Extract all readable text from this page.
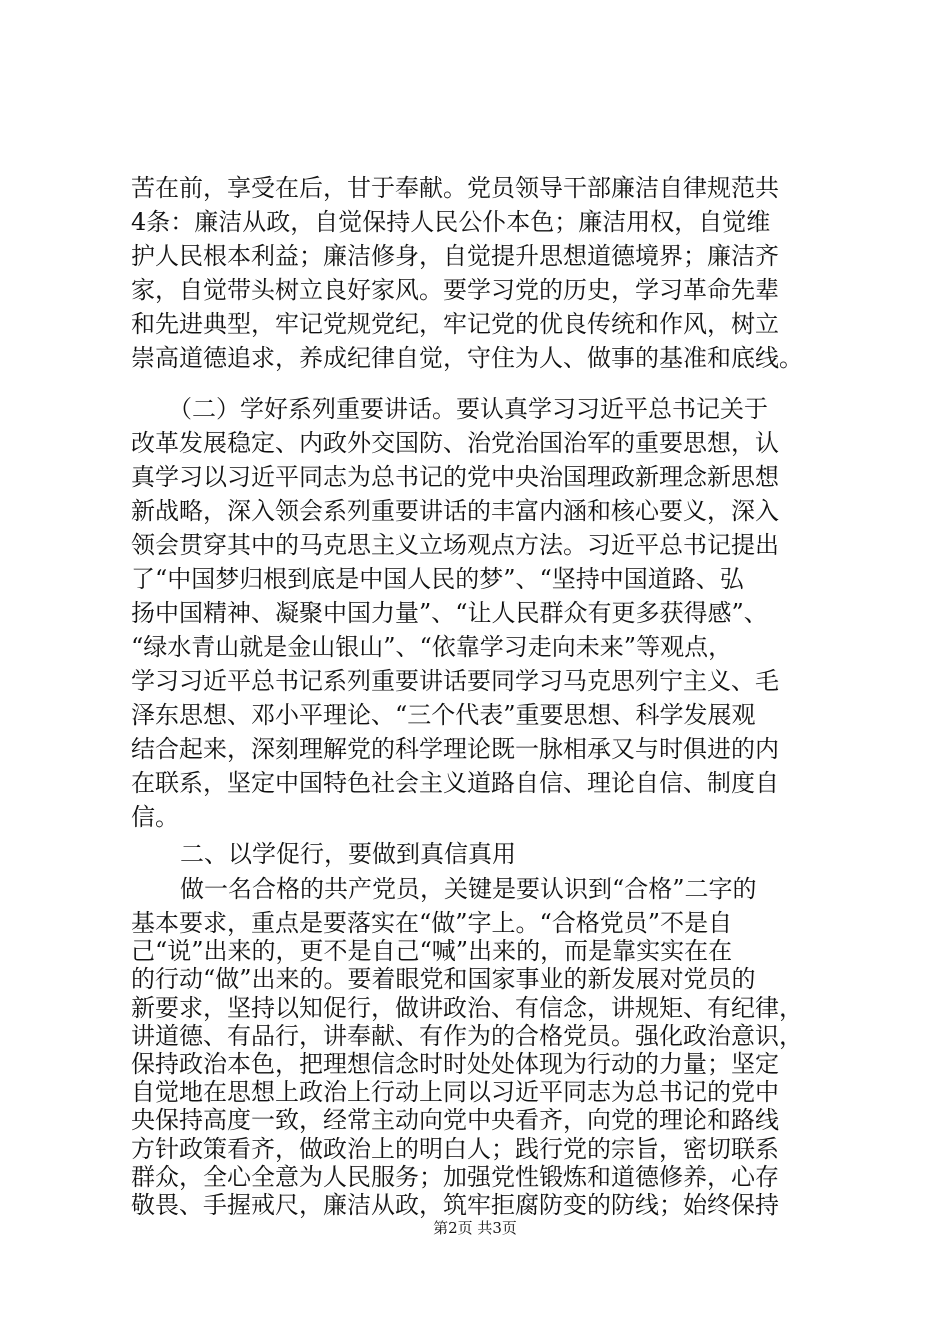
苦在前，享受在后，甘于奉献。党员领导干部廉洁自律规范共
4条：廉洁从政，自觉保持人民公仆本色；廉洁用权，自觉维
护人民根本利益；廉洁修身，自觉提升思想道德境界；廉洁齐
家，自觉带头树立良好家风。要学习党的历史，学习革命先辈
和先进典型，牢记党规党纪，牢记党的优良传统和作风，树立
崇高道德追求，养成纪律自觉，守住为人、做事的基准和底线。
（二）学好系列重要讲话。要认真学习习近平总书记关于
改革发展稳定、内政外交国防、治党治国治军的重要思想，认
真学习以习近平同志为总书记的党中央治国理政新理念新思想
新战略，深入领会系列重要讲话的丰富内涵和核心要义，深入
领会贯穿其中的马克思主义立场观点方法。习近平总书记提出
了“中国梦归根到底是中国人民的梦”、“坚持中国道路、弘
扬中国精神、凝聚中国力量”、“让人民群众有更多获得感”、
“绿水青山就是金山银山”、“依靠学习走向未来”等观点，
学习习近平总书记系列重要讲话要同学习马克思列宁主义、毛
泽东思想、邓小平理论、“三个代表”重要思想、科学发展观
结合起来，深刻理解党的科学理论既一脉相承又与时俱进的内
在联系，坚定中国特色社会主义道路自信、理论自信、制度自
信。
二、以学促行，要做到真信真用
做一名合格的共产党员，关键是要认识到“合格”二字的
基本要求，重点是要落实在“做”字上。“合格党员”不是自
己“说”出来的，更不是自己“喊”出来的，而是靠实实在在
的行动“做”出来的。要着眼党和国家事业的新发展对党员的
新要求，坚持以知促行，做讲政治、有信念，讲规矩、有纪律，
讲道德、有品行，讲奉献、有作为的合格党员。强化政治意识，
保持政治本色，把理想信念时时处处体现为行动的力量；坚定
自觉地在思想上政治上行动上同以习近平同志为总书记的党中
央保持高度一致，经常主动向党中央看齐，向党的理论和路线
方针政策看齐，做政治上的明白人；践行党的宗旨，密切联系
第2页 共3页
群众，全心全意为人民服务；加强党性锻炼和道德修养，心存
敬畏、手握戒尺，廉洁从政，筑牢拒腐防变的防线；始终保持
